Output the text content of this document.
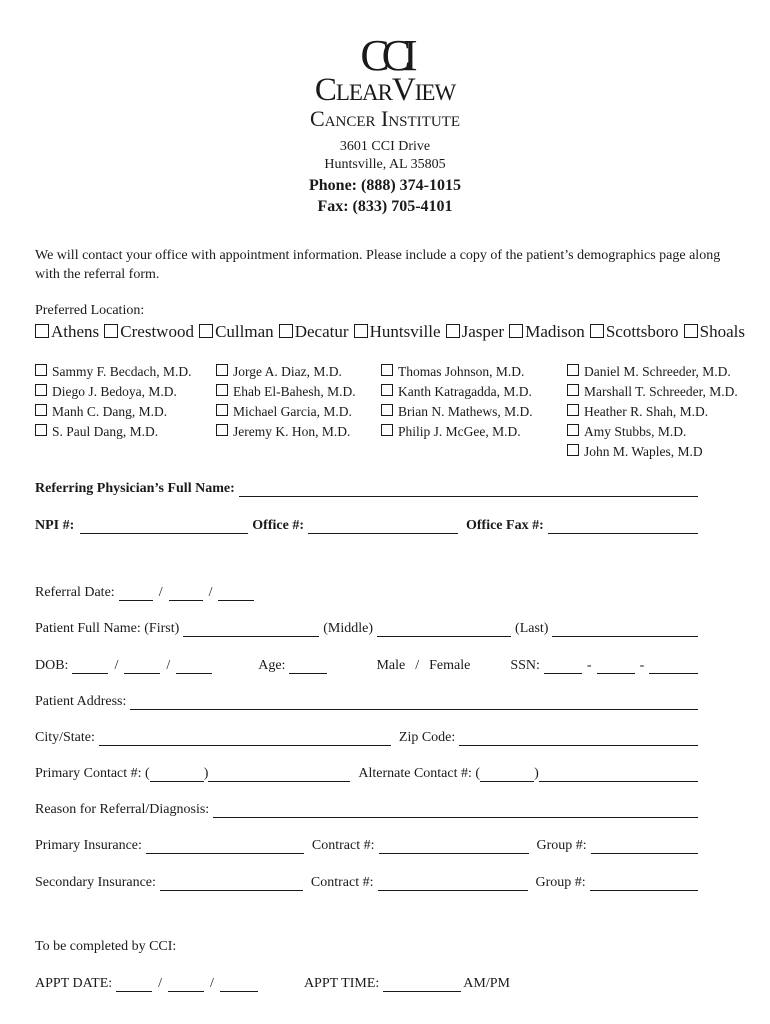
CCI
ClearView
Cancer Institute
3601 CCI Drive
Huntsville, AL 35805
Phone: (888) 374-1015
Fax: (833) 705-4101
We will contact your office with appointment information. Please include a copy of the patient’s demographics page along with the referral form.
Preferred Location:
Athens	Crestwood	Cullman	Decatur	Huntsville	Jasper	Madison	Scottsboro	Shoals
Sammy F. Becdach, M.D.
Diego J. Bedoya, M.D.
Manh C. Dang, M.D.
S. Paul Dang, M.D.
Jorge A. Diaz, M.D.
Ehab El-Bahesh, M.D.
Michael Garcia, M.D.
Jeremy K. Hon, M.D.
Thomas Johnson, M.D.
Kanth Katragadda, M.D.
Brian N. Mathews, M.D.
Philip J. McGee, M.D.
Daniel M. Schreeder, M.D.
Marshall T. Schreeder, M.D.
Heather R. Shah, M.D.
Amy Stubbs, M.D.
John M. Waples, M.D
Referring Physician’s Full Name:
NPI #:	Office #:	Office Fax #:
Referral Date:	/	/
Patient Full Name: (First)	(Middle)	(Last)
DOB:	/	/	Age:	Male / Female	SSN:	-	-
Patient Address:
City/State:	Zip Code:
Primary Contact #: (	)	Alternate Contact #: (	)
Reason for Referral/Diagnosis:
Primary Insurance:	Contract #:	Group #:
Secondary Insurance:	Contract #:	Group #:
To be completed by CCI:
APPT DATE:	/	/	APPT TIME:	AM/PM
